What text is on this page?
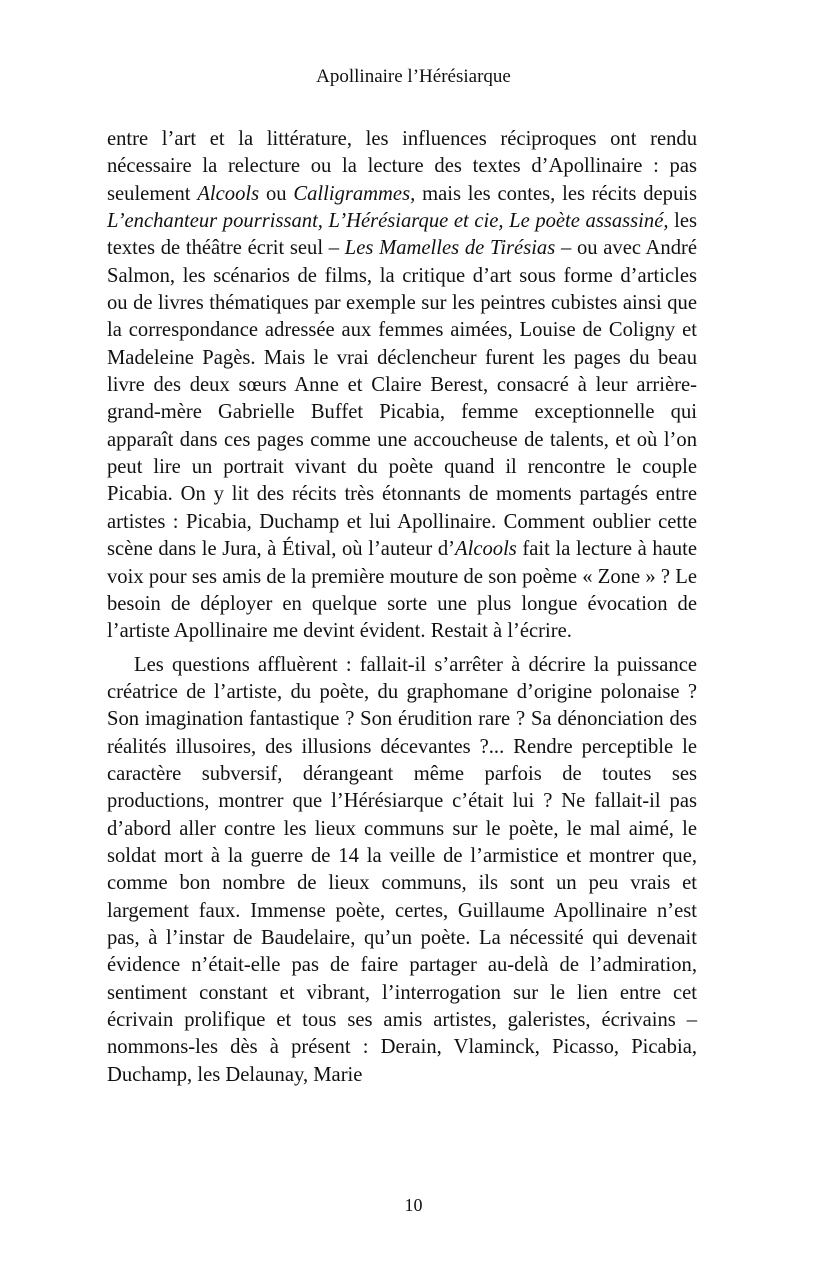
Apollinaire l’Hérésiarque

entre l’art et la littérature, les influences réciproques ont rendu nécessaire la relecture ou la lecture des textes d’Apollinaire : pas seulement Alcools ou Calligrammes, mais les contes, les récits depuis L’enchanteur pourrissant, L’Hérésiarque et cie, Le poète assassiné, les textes de théâtre écrit seul – Les Mamelles de Tirésias – ou avec André Salmon, les scénarios de films, la critique d’art sous forme d’articles ou de livres thématiques par exemple sur les peintres cubistes ainsi que la correspondance adressée aux femmes aimées, Louise de Coligny et Madeleine Pagès. Mais le vrai déclencheur furent les pages du beau livre des deux sœurs Anne et Claire Berest, consacré à leur arrière-grand-mère Gabrielle Buffet Picabia, femme exceptionnelle qui apparaît dans ces pages comme une accoucheuse de talents, et où l’on peut lire un portrait vivant du poète quand il rencontre le couple Picabia. On y lit des récits très étonnants de moments partagés entre artistes : Picabia, Duchamp et lui Apollinaire. Comment oublier cette scène dans le Jura, à Étival, où l’auteur d’Alcools fait la lecture à haute voix pour ses amis de la première mouture de son poème « Zone » ? Le besoin de déployer en quelque sorte une plus longue évocation de l’artiste Apollinaire me devint évident. Restait à l’écrire.

Les questions affluèrent : fallait-il s’arrêter à décrire la puissance créatrice de l’artiste, du poète, du graphomane d’origine polonaise ? Son imagination fantastique ? Son érudition rare ? Sa dénonciation des réalités illusoires, des illusions décevantes ?... Rendre perceptible le caractère subversif, dérangeant même parfois de toutes ses productions, montrer que l’Hérésiarque c’était lui ? Ne fallait-il pas d’abord aller contre les lieux communs sur le poète, le mal aimé, le soldat mort à la guerre de 14 la veille de l’armistice et montrer que, comme bon nombre de lieux communs, ils sont un peu vrais et largement faux. Immense poète, certes, Guillaume Apollinaire n’est pas, à l’instar de Baudelaire, qu’un poète. La nécessité qui devenait évidence n’était-elle pas de faire partager au-delà de l’admiration, sentiment constant et vibrant, l’interrogation sur le lien entre cet écrivain prolifique et tous ses amis artistes, galeristes, écrivains – nommons-les dès à présent : Derain, Vlaminck, Picasso, Picabia, Duchamp, les Delaunay, Marie

10
